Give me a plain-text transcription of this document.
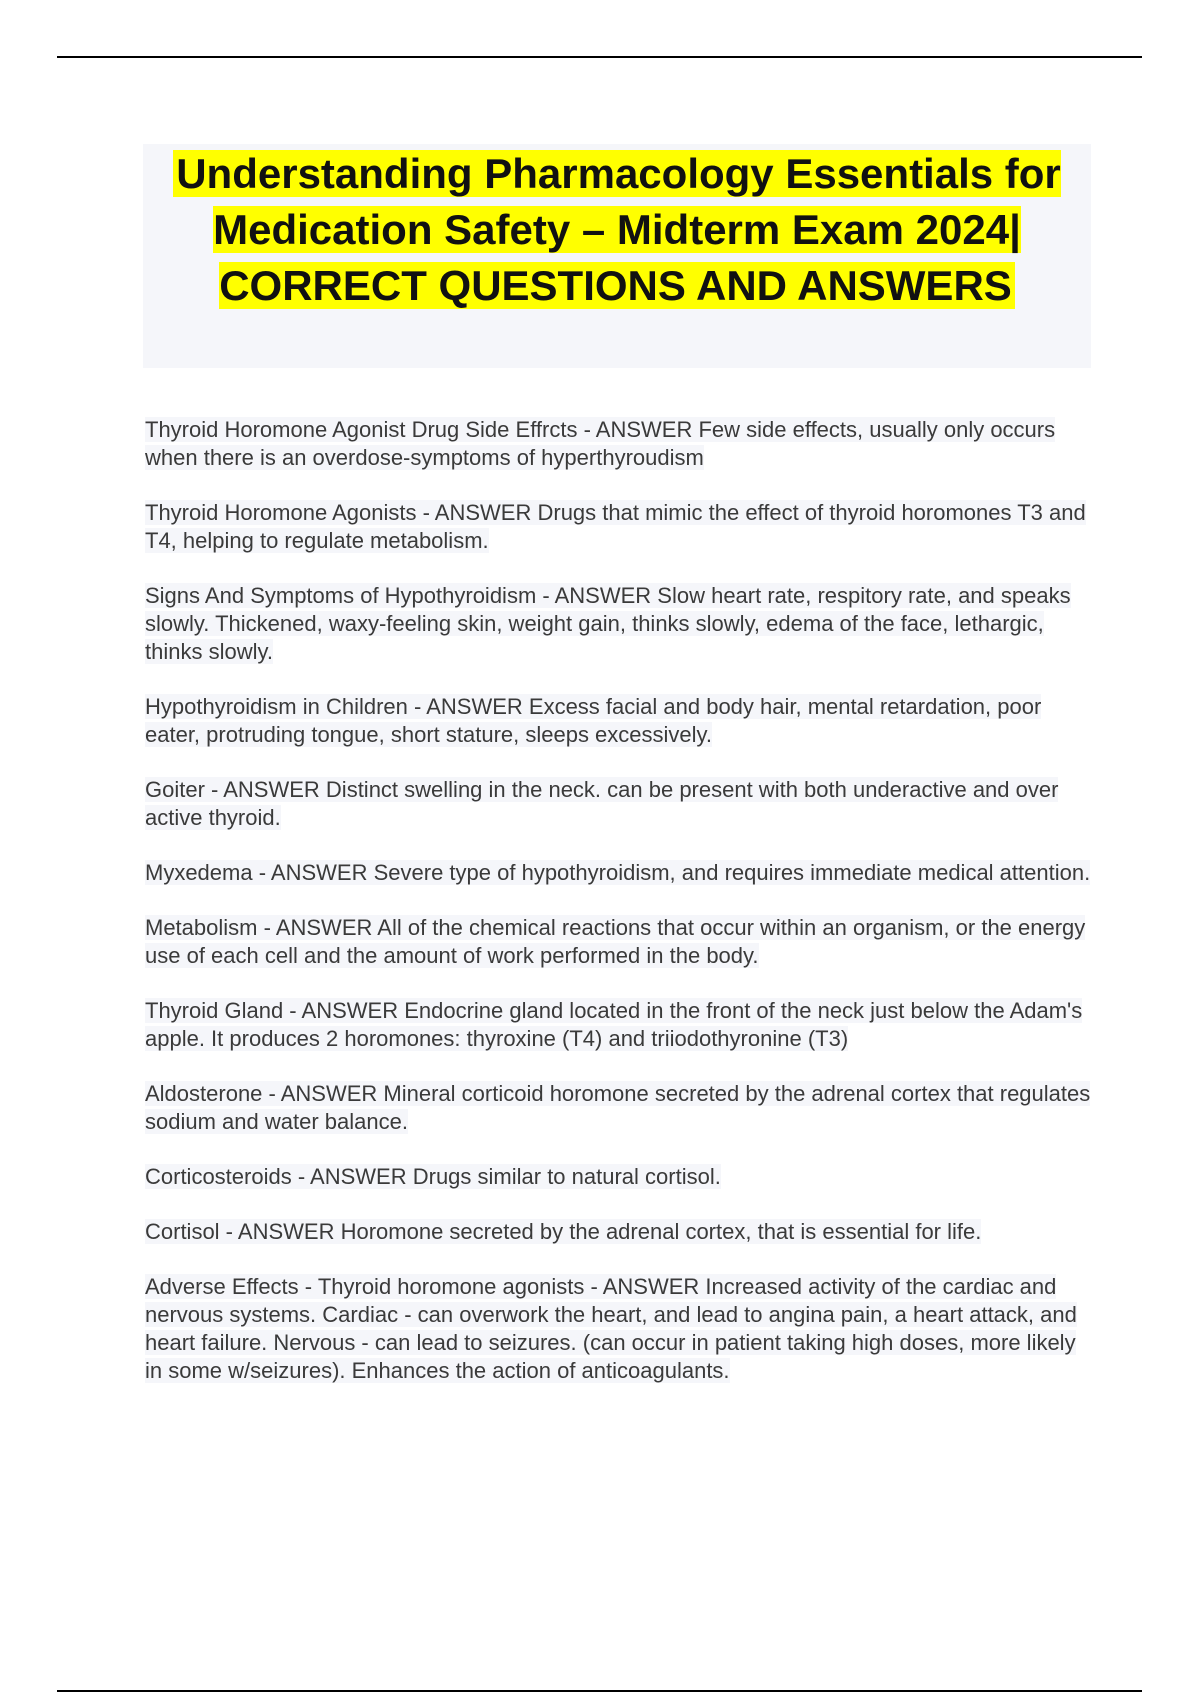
Understanding Pharmacology Essentials for Medication Safety – Midterm Exam 2024| CORRECT QUESTIONS AND ANSWERS

Thyroid Horomone Agonist Drug Side Effrcts - ANSWER Few side effects, usually only occurs when there is an overdose-symptoms of hyperthyroudism

Thyroid Horomone Agonists - ANSWER Drugs that mimic the effect of thyroid horomones T3 and T4, helping to regulate metabolism.

Signs And Symptoms of Hypothyroidism - ANSWER Slow heart rate, respitory rate, and speaks slowly. Thickened, waxy-feeling skin, weight gain, thinks slowly, edema of the face, lethargic, thinks slowly.

Hypothyroidism in Children - ANSWER Excess facial and body hair, mental retardation, poor eater, protruding tongue, short stature, sleeps excessively.

Goiter - ANSWER Distinct swelling in the neck. can be present with both underactive and over active thyroid.

Myxedema - ANSWER Severe type of hypothyroidism, and requires immediate medical attention.

Metabolism - ANSWER All of the chemical reactions that occur within an organism, or the energy use of each cell and the amount of work performed in the body.

Thyroid Gland - ANSWER Endocrine gland located in the front of the neck just below the Adam's apple. It produces 2 horomones: thyroxine (T4) and triiodothyronine (T3)

Aldosterone - ANSWER Mineral corticoid horomone secreted by the adrenal cortex that regulates sodium and water balance.

Corticosteroids - ANSWER Drugs similar to natural cortisol.

Cortisol - ANSWER Horomone secreted by the adrenal cortex, that is essential for life.

Adverse Effects - Thyroid horomone agonists - ANSWER Increased activity of the cardiac and nervous systems. Cardiac - can overwork the heart, and lead to angina pain, a heart attack, and heart failure. Nervous - can lead to seizures. (can occur in patient taking high doses, more likely in some w/seizures). Enhances the action of anticoagulants.
